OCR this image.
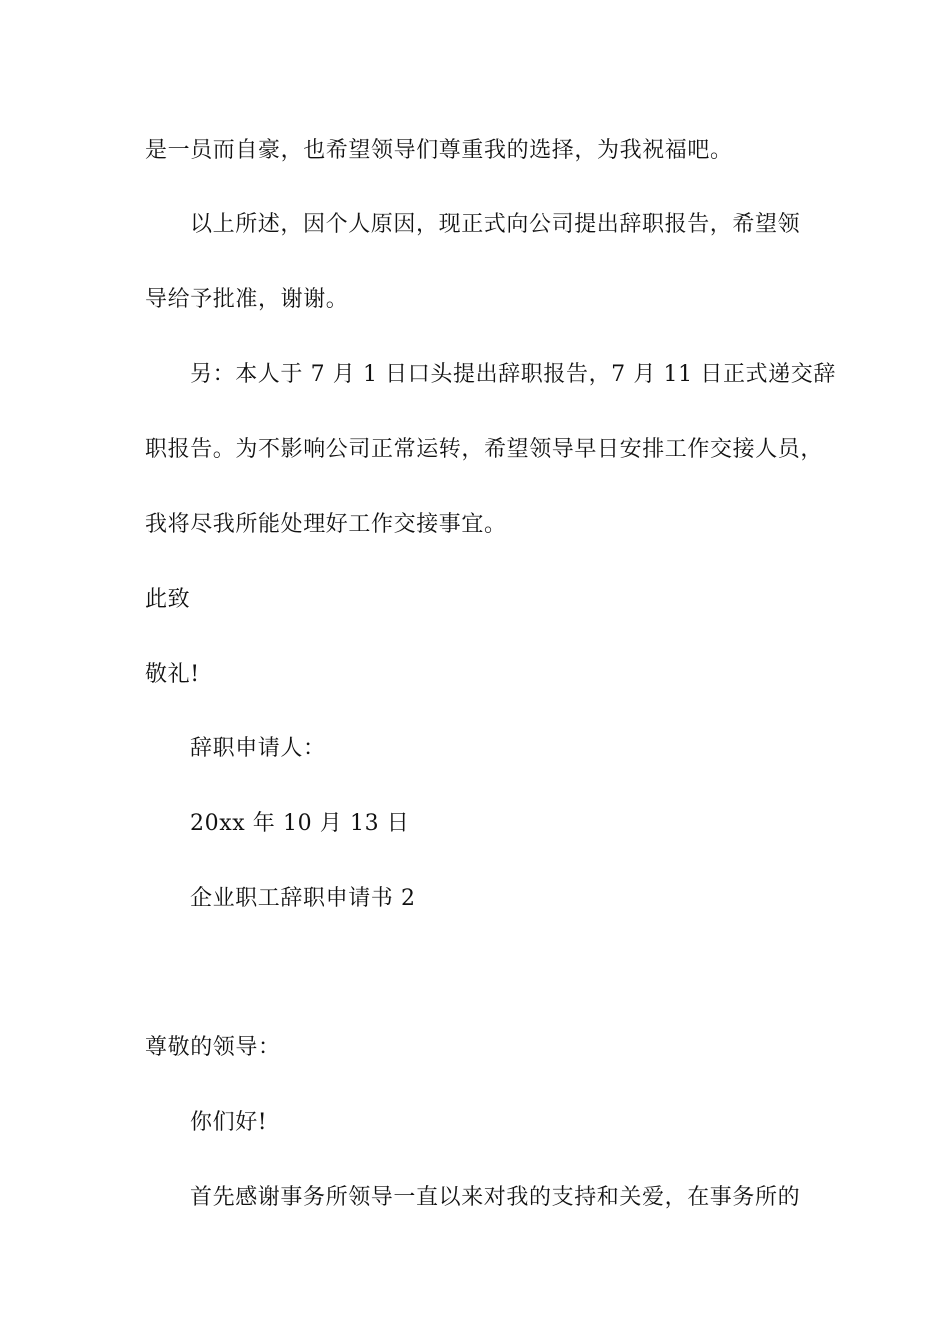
是一员而自豪，也希望领导们尊重我的选择，为我祝福吧。
以上所述，因个人原因，现正式向公司提出辞职报告，希望领
导给予批准，谢谢。
另：本人于 7 月 1 日口头提出辞职报告，7 月 11 日正式递交辞
职报告。为不影响公司正常运转，希望领导早日安排工作交接人员，
我将尽我所能处理好工作交接事宜。
此致
敬礼!
辞职申请人：
20xx 年 10 月 13 日
企业职工辞职申请书 2
尊敬的领导：
你们好!
首先感谢事务所领导一直以来对我的支持和关爱，在事务所的
